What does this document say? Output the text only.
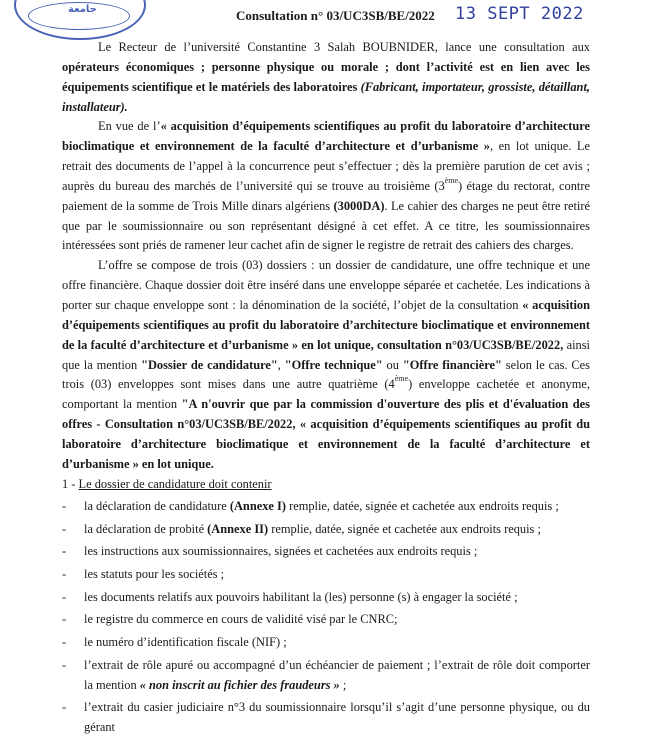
جامعة	Consultation n° 03/UC3SB/BE/2022 13 SEPT 2022

Le Recteur de l’université Constantine 3 Salah BOUBNIDER, lance une consultation aux opérateurs économiques ; personne physique ou morale ; dont l’activité est en lien avec les équipements scientifique et le matériels des laboratoires (Fabricant, importateur, grossiste, détaillant, installateur).

En vue de l’« acquisition d’équipements scientifiques au profit du laboratoire d’architecture bioclimatique et environnement de la faculté d’architecture et d’urbanisme », en lot unique. Le retrait des documents de l’appel à la concurrence peut s’effectuer ; dès la première parution de cet avis ; auprès du bureau des marchés de l’université qui se trouve au troisième (3ème) étage du rectorat, contre paiement de la somme de Trois Mille dinars algériens (3000DA). Le cahier des charges ne peut être retiré que par le soumissionnaire ou son représentant désigné à cet effet. A ce titre, les soumissionnaires intéressées sont priés de ramener leur cachet afin de signer le registre de retrait des cahiers des charges.

L’offre se compose de trois (03) dossiers : un dossier de candidature, une offre technique et une offre financière. Chaque dossier doit être inséré dans une enveloppe séparée et cachetée. Les indications à porter sur chaque enveloppe sont : la dénomination de la société, l’objet de la consultation « acquisition d’équipements scientifiques au profit du laboratoire d’architecture bioclimatique et environnement de la faculté d’architecture et d’urbanisme » en lot unique, consultation n°03/UC3SB/BE/2022, ainsi que la mention "Dossier de candidature", "Offre technique" ou "Offre financière" selon le cas. Ces trois (03) enveloppes sont mises dans une autre quatrième (4ème) enveloppe cachetée et anonyme, comportant la mention "A n'ouvrir que par la commission d'ouverture des plis et d'évaluation des offres - Consultation n°03/UC3SB/BE/2022, « acquisition d’équipements scientifiques au profit du laboratoire d’architecture bioclimatique et environnement de la faculté d’architecture et d’urbanisme » en lot unique.

1 - Le dossier de candidature doit contenir

- la déclaration de candidature (Annexe I) remplie, datée, signée et cachetée aux endroits requis ;
- la déclaration de probité (Annexe II) remplie, datée, signée et cachetée aux endroits requis ;
- les instructions aux soumissionnaires, signées et cachetées aux endroits requis ;
- les statuts pour les sociétés ;
- les documents relatifs aux pouvoirs habilitant la (les) personne (s) à engager la société ;
- le registre du commerce en cours de validité visé par le CNRC;
- le numéro d’identification fiscale (NIF) ;
- l’extrait de rôle apuré ou accompagné d’un échéancier de paiement ; l’extrait de rôle doit comporter la mention « non inscrit au fichier des fraudeurs » ;
- l’extrait du casier judiciaire n°3 du soumissionnaire lorsqu’il s’agit d’une personne physique, ou du gérant
